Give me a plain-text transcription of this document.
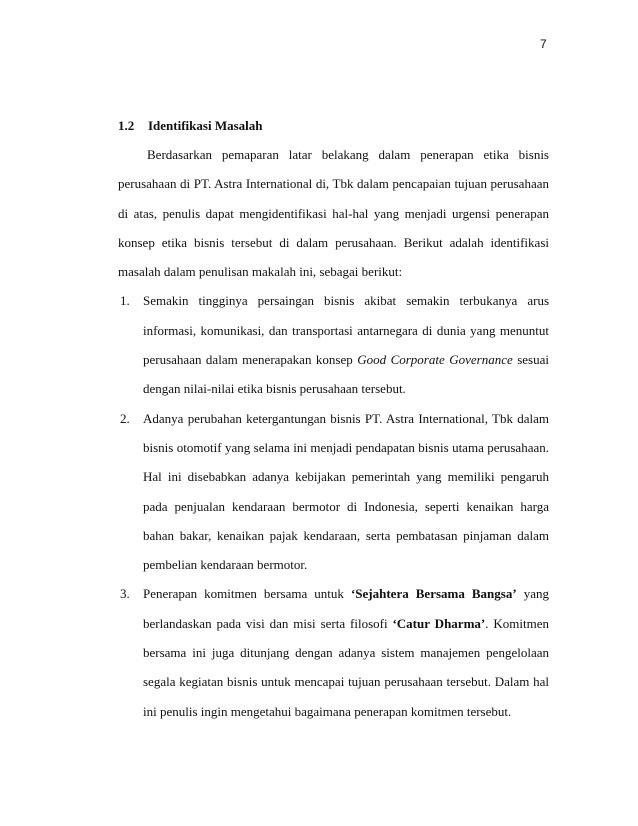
7
1.2 Identifikasi Masalah

Berdasarkan pemaparan latar belakang dalam penerapan etika bisnis perusahaan di PT. Astra International di, Tbk dalam pencapaian tujuan perusahaan di atas, penulis dapat mengidentifikasi hal-hal yang menjadi urgensi penerapan konsep etika bisnis tersebut di dalam perusahaan. Berikut adalah identifikasi masalah dalam penulisan makalah ini, sebagai berikut:

1. Semakin tingginya persaingan bisnis akibat semakin terbukanya arus informasi, komunikasi, dan transportasi antarnegara di dunia yang menuntut perusahaan dalam menerapakan konsep Good Corporate Governance sesuai dengan nilai-nilai etika bisnis perusahaan tersebut.
2. Adanya perubahan ketergantungan bisnis PT. Astra International, Tbk dalam bisnis otomotif yang selama ini menjadi pendapatan bisnis utama perusahaan. Hal ini disebabkan adanya kebijakan pemerintah yang memiliki pengaruh pada penjualan kendaraan bermotor di Indonesia, seperti kenaikan harga bahan bakar, kenaikan pajak kendaraan, serta pembatasan pinjaman dalam pembelian kendaraan bermotor.
3. Penerapan komitmen bersama untuk ‘Sejahtera Bersama Bangsa’ yang berlandaskan pada visi dan misi serta filosofi ‘Catur Dharma’. Komitmen bersama ini juga ditunjang dengan adanya sistem manajemen pengelolaan segala kegiatan bisnis untuk mencapai tujuan perusahaan tersebut. Dalam hal ini penulis ingin mengetahui bagaimana penerapan komitmen tersebut.
